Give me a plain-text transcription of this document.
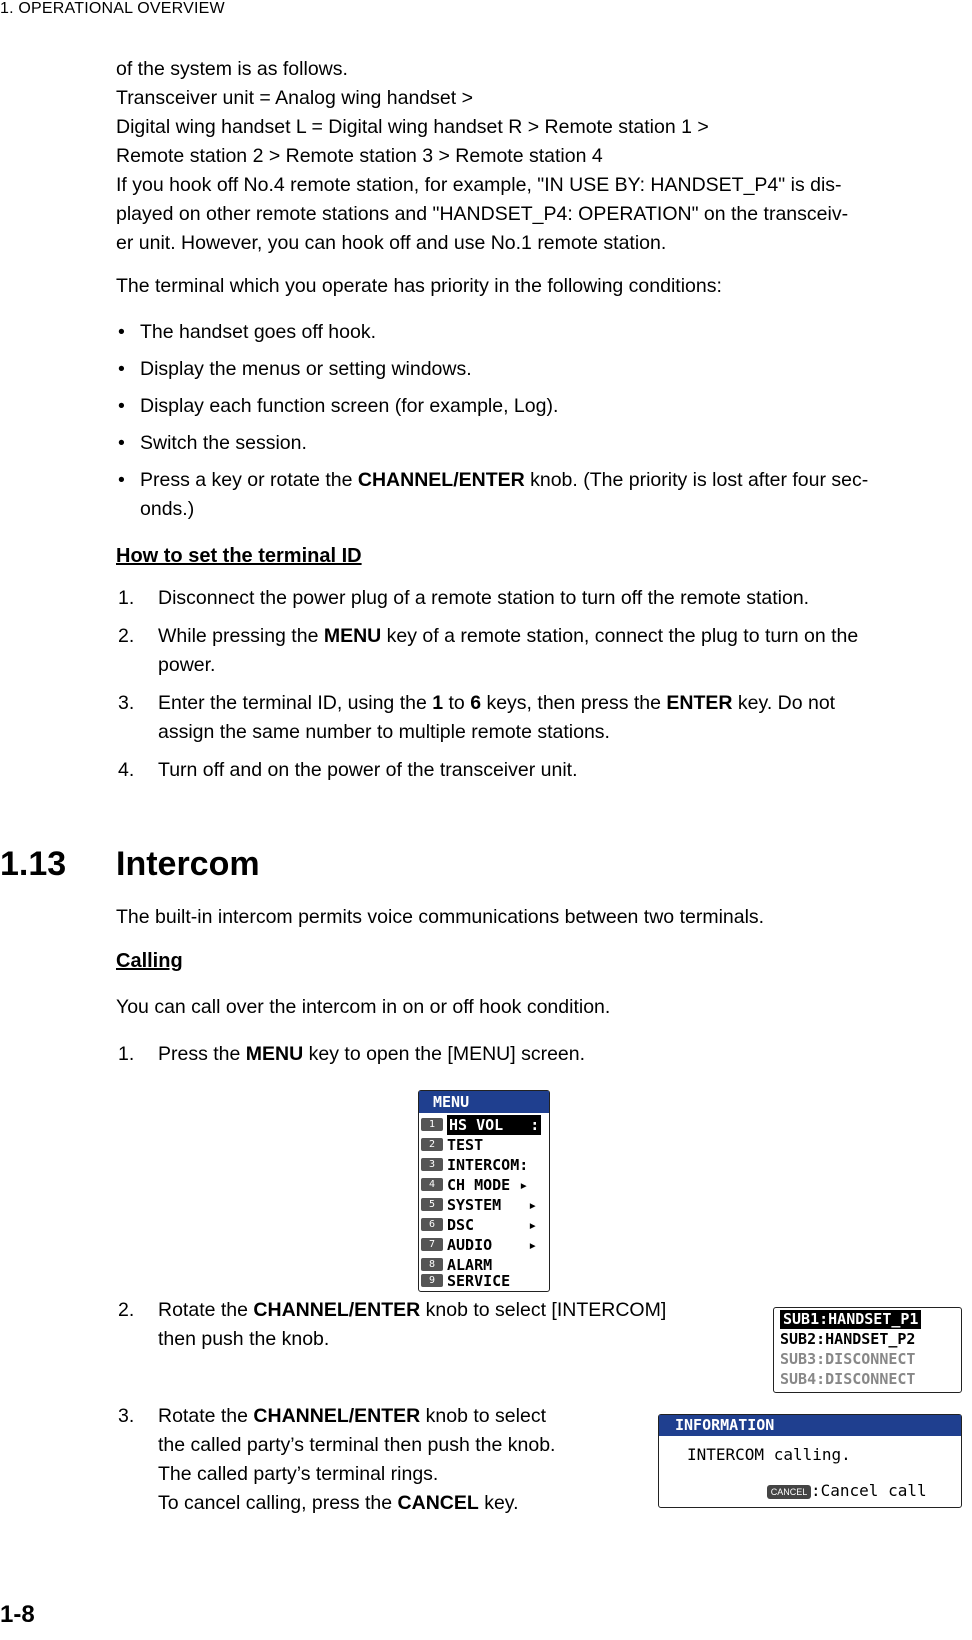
1. OPERATIONAL OVERVIEW
of the system is as follows.
Transceiver unit = Analog wing handset >
Digital wing handset L = Digital wing handset R > Remote station 1 >
Remote station 2 > Remote station 3 > Remote station 4
If you hook off No.4 remote station, for example, "IN USE BY: HANDSET_P4" is dis-
played on other remote stations and "HANDSET_P4: OPERATION" on the transceiv-
er unit. However, you can hook off and use No.1 remote station.
The terminal which you operate has priority in the following conditions:
• The handset goes off hook.
• Display the menus or setting windows.
• Display each function screen (for example, Log).
• Switch the session.
• Press a key or rotate the CHANNEL/ENTER knob. (The priority is lost after four sec-
onds.)
How to set the terminal ID
1. Disconnect the power plug of a remote station to turn off the remote station.
2. While pressing the MENU key of a remote station, connect the plug to turn on the
power.
3. Enter the terminal ID, using the 1 to 6 keys, then press the ENTER key. Do not
assign the same number to multiple remote stations.
4. Turn off and on the power of the transceiver unit.
1.13 Intercom
The built-in intercom permits voice communications between two terminals.
Calling
You can call over the intercom in on or off hook condition.
1. Press the MENU key to open the [MENU] screen.
MENU
1 HS VOL   :
2 TEST
3 INTERCOM:
4 CH MODE ▸
5 SYSTEM   ▸
6 DSC      ▸
7 AUDIO    ▸
8 ALARM
9 SERVICE
2. Rotate the CHANNEL/ENTER knob to select [INTERCOM]
then push the knob.
SUB1:HANDSET_P1
SUB2:HANDSET_P2
SUB3:DISCONNECT
SUB4:DISCONNECT
3. Rotate the CHANNEL/ENTER knob to select
the called party’s terminal then push the knob.
The called party’s terminal rings.
To cancel calling, press the CANCEL key.
INFORMATION
INTERCOM calling.
CANCEL :Cancel call
1-8
